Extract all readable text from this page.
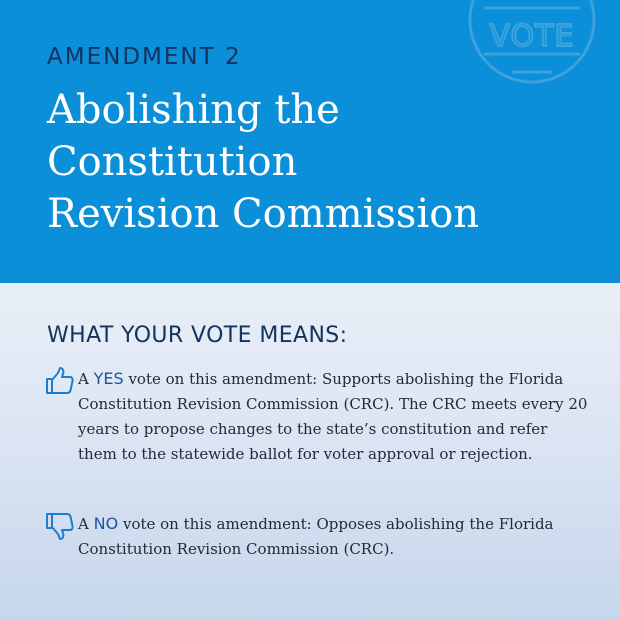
VOTE
AMENDMENT 2
Abolishing the
Constitution
Revision Commission
WHAT YOUR VOTE MEANS:

A YES vote on this amendment: Supports abolishing the Florida Constitution Revision Commission (CRC). The CRC meets every 20 years to propose changes to the state’s constitution and refer them to the statewide ballot for voter approval or rejection.

A NO vote on this amendment: Opposes abolishing the Florida Constitution Revision Commission (CRC).
